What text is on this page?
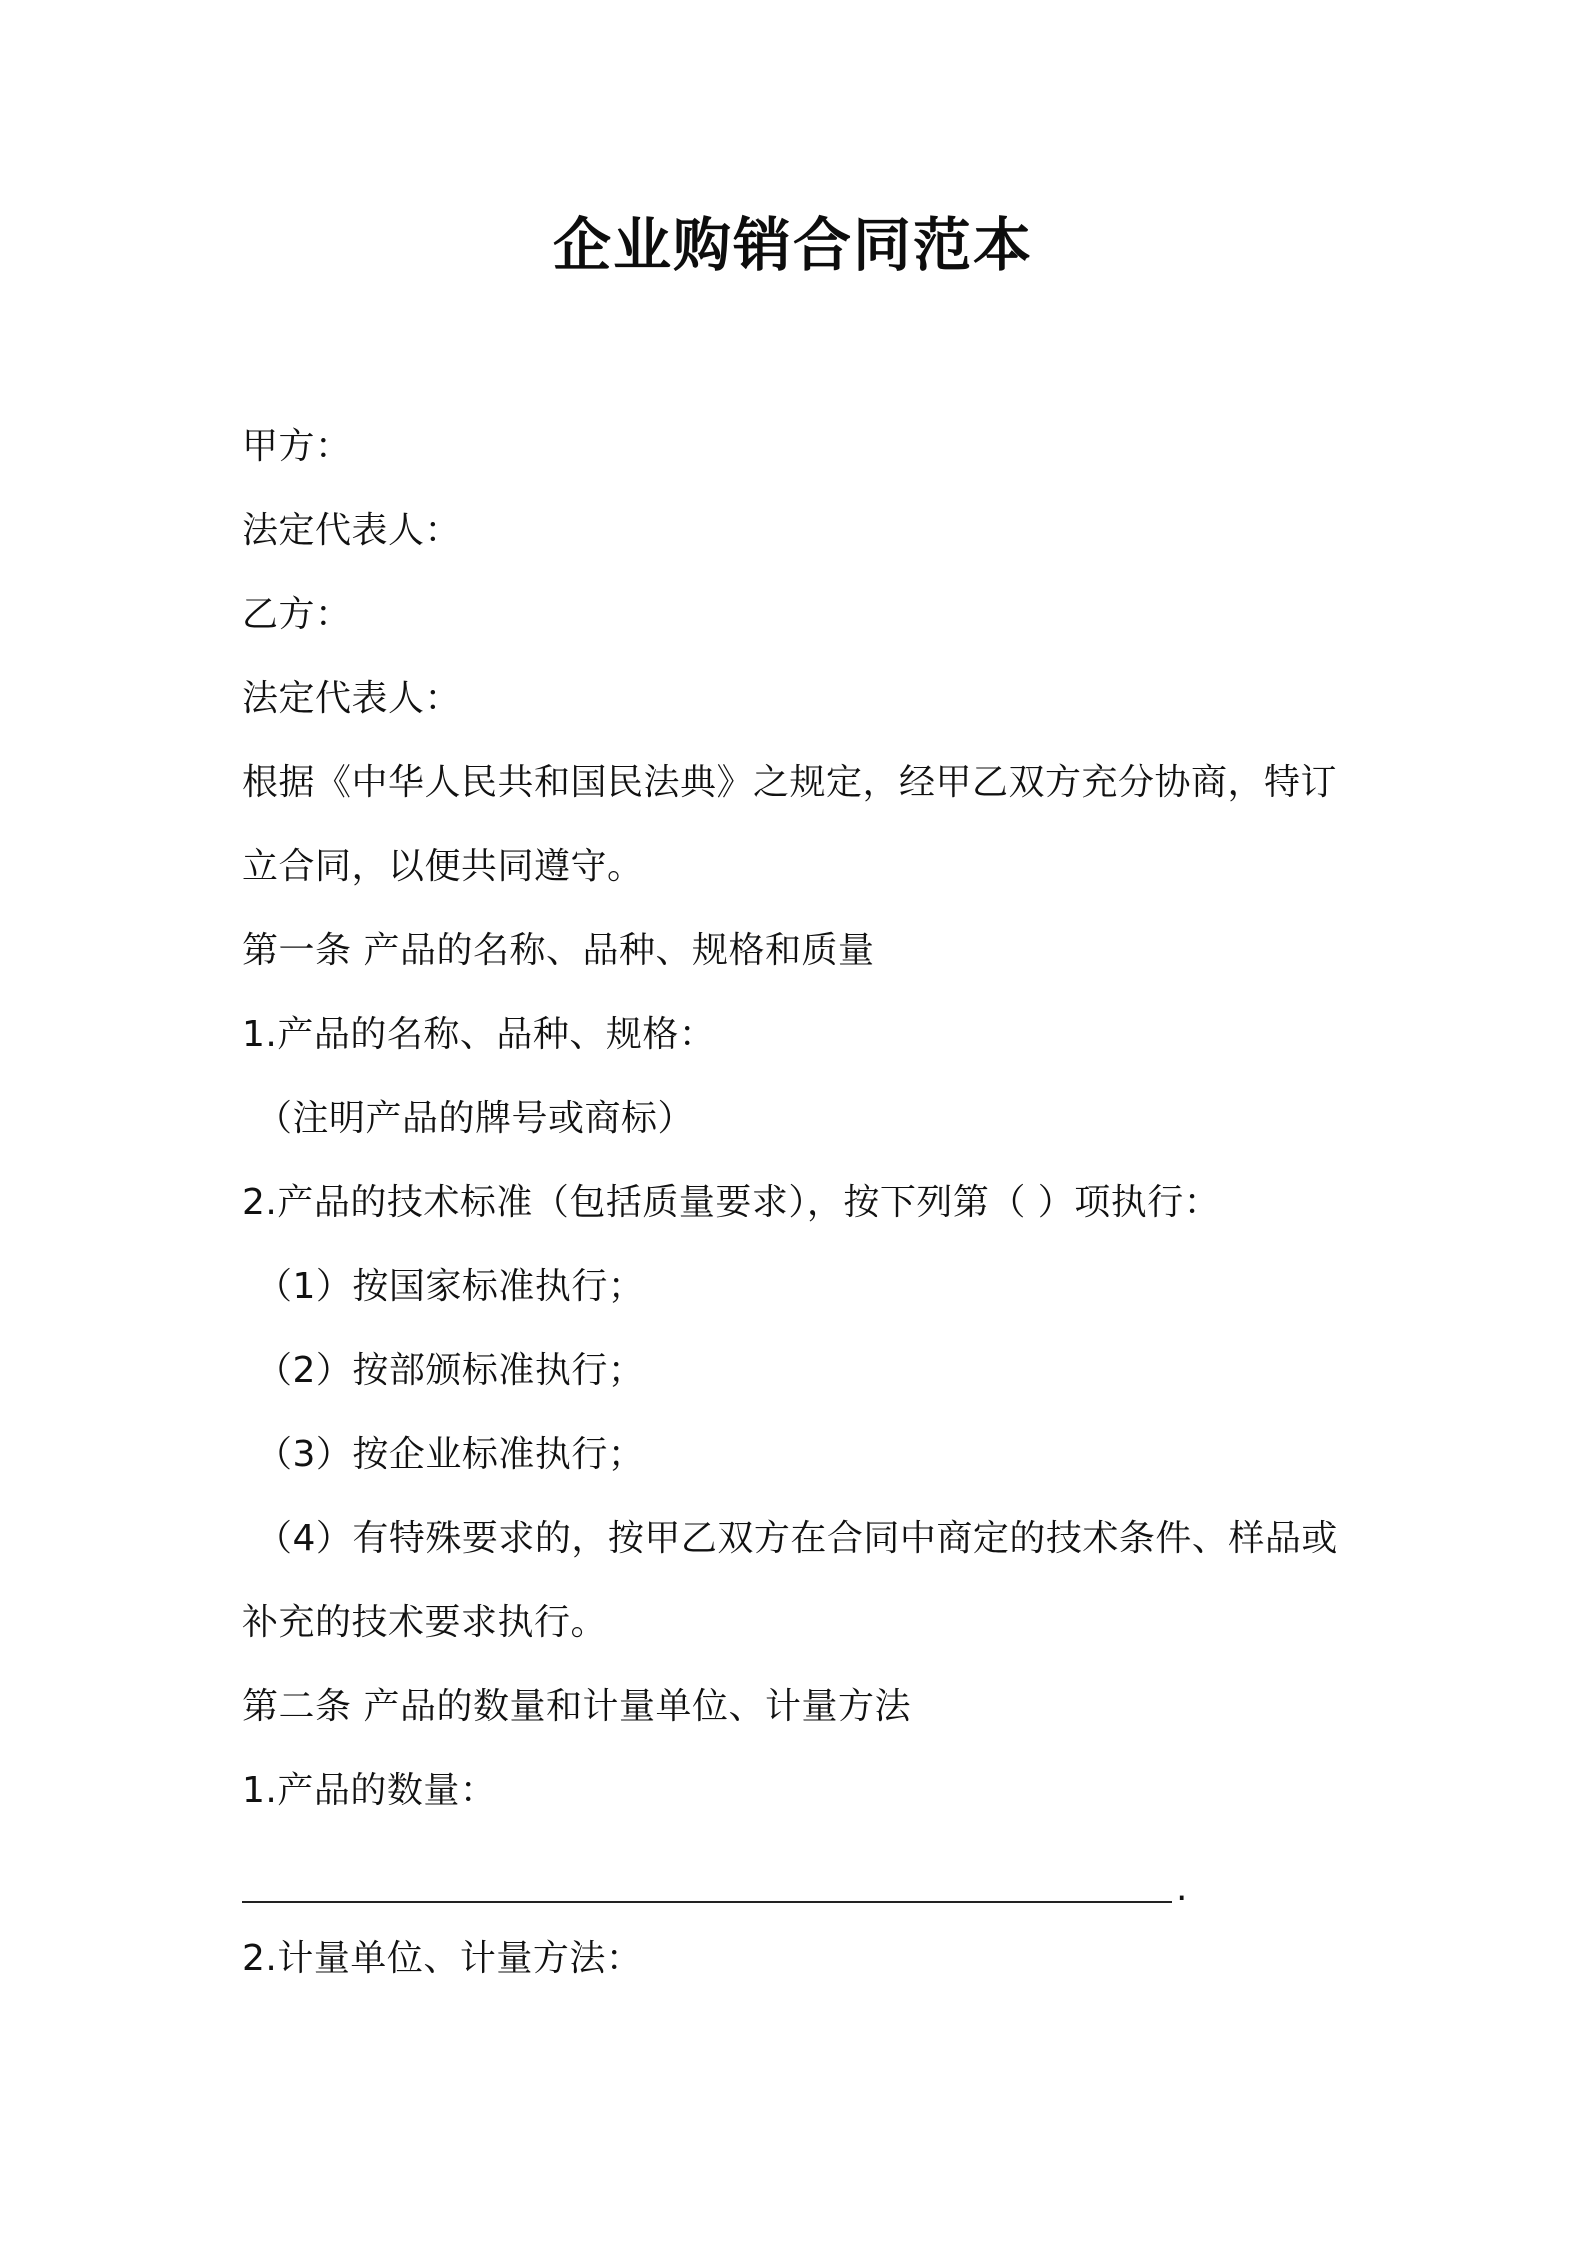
企业购销合同范本
甲方：
法定代表人：
乙方：
法定代表人：
根据《中华人民共和国民法典》之规定，经甲乙双方充分协商，特订
立合同，以便共同遵守。
第一条 产品的名称、品种、规格和质量
1.产品的名称、品种、规格：
（注明产品的牌号或商标）
2.产品的技术标准（包括质量要求），按下列第（ ）项执行：
（1）按国家标准执行；
（2）按部颁标准执行；
（3）按企业标准执行；
（4）有特殊要求的，按甲乙双方在合同中商定的技术条件、样品或
补充的技术要求执行。
第二条 产品的数量和计量单位、计量方法
1.产品的数量：
.
2.计量单位、计量方法：
